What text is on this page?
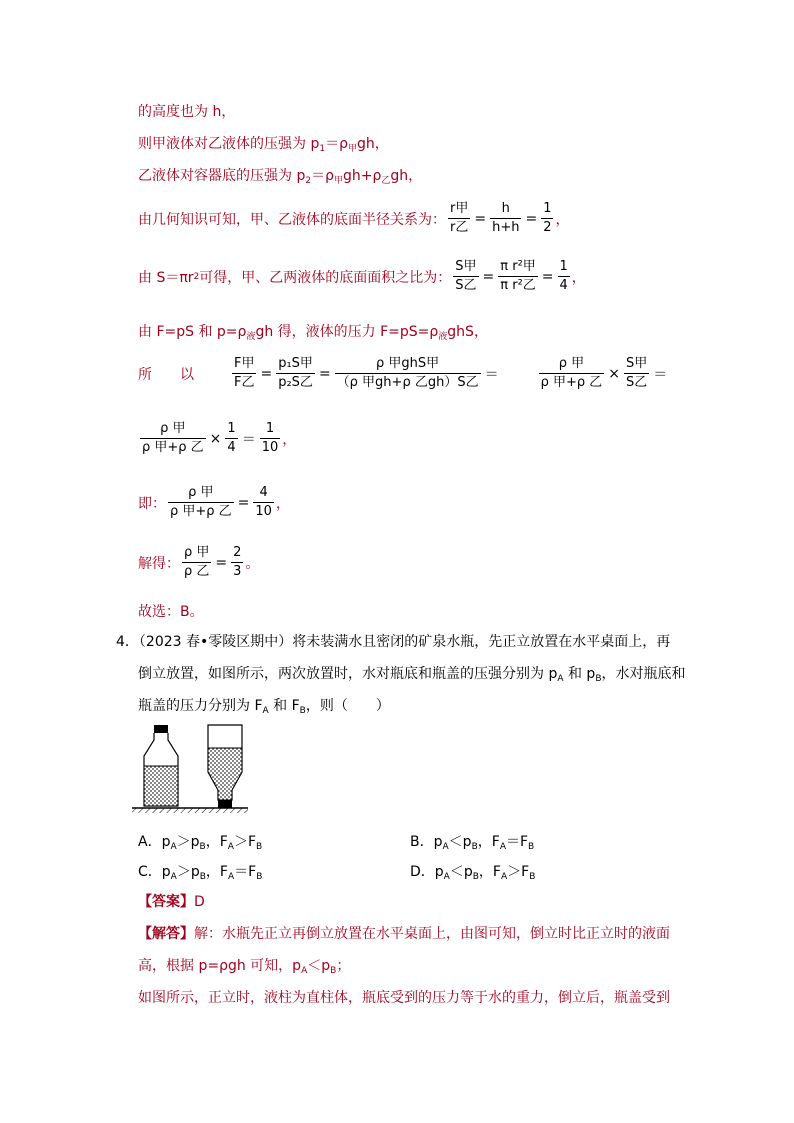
的高度也为 h，
则甲液体对乙液体的压强为 $p_1=\rho_甲gh$，
乙液体对容器底的压强为 $p_2=\rho_甲gh+\rho_乙gh$，
由几何知识可知，甲、乙液体的底面半径关系为： $\frac{\text{r甲}}{\text{r乙}} = \frac{h}{h+h} = \frac{1}{2}$ ，
由 S＝πr 2 可得，甲、乙两液体的底面面积之比为： $\frac{\text{S甲}}{\text{S乙}} = \frac{\text{π r²甲}}{\text{π r²乙}} = \frac{1}{4}$ ，
由 F=pS 和 $p=\rho_液gh$ 得，液体的压力 $F=pS=\rho_液ghS$，
所　　以	$\frac{\text{F甲}}{\text{F乙}} = \frac{\text{p₁S甲}}{\text{p₂S乙}} = \frac{\text{ρ 甲ghS甲}}{\text{（ρ 甲gh+ρ 乙gh）S乙}}$ ＝	$\frac{\text{ρ 甲}}{\text{ρ 甲+ρ 乙}} \times \frac{\text{S甲}}{\text{S乙}}$ ＝
$\frac{\text{ρ 甲}}{\text{ρ 甲+ρ 乙}} \times \frac{1}{4} = \frac{1}{10}$ ，
即： $\frac{\text{ρ 甲}}{\text{ρ 甲+ρ 乙}} = \frac{4}{10}$ ，
解得： $\frac{\text{ρ 甲}}{\text{ρ 乙}} = \frac{2}{3}$ 。
故选：B。
4．（2023 春•零陵区期中）将未装满水且密闭的矿泉水瓶，先正立放置在水平桌面上，再
倒立放置，如图所示，两次放置时，水对瓶底和瓶盖的压强分别为 $p_A$ 和 $p_B$，水对瓶底和
瓶盖的压力分别为 $F_A$ 和 $F_B$，则（　　）
A．$p_A>p_B$，$F_A>F_B$	B．$p_A<p_B$，$F_A=F_B$
C．$p_A>p_B$，$F_A=F_B$	D．$p_A<p_B$，$F_A>F_B$
【答案】D
【解答】解：水瓶先正立再倒立放置在水平桌面上，由图可知，倒立时比正立时的液面
高，根据 p=ρgh 可知，$p_A<p_B$；
如图所示，正立时，液柱为直柱体，瓶底受到的压力等于水的重力，倒立后，瓶盖受到
